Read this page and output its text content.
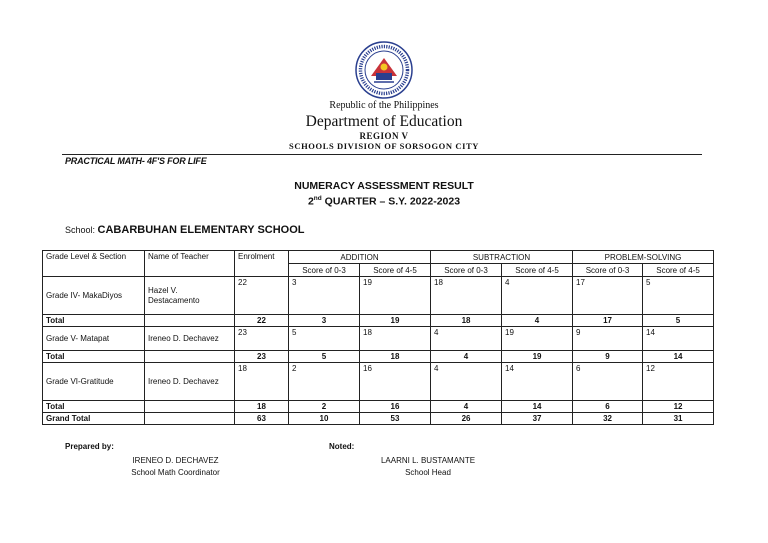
Republic of the Philippines
Department of Education
REGION V
SCHOOLS DIVISION OF SORSOGON CITY
PRACTICAL MATH- 4F'S FOR LIFE
NUMERACY ASSESSMENT RESULT
2nd QUARTER – S.Y. 2022-2023
School: CABARBUHAN ELEMENTARY SCHOOL
Grade Level & Section	Name of Teacher	Enrolment	ADDITION		SUBTRACTION		PROBLEM-SOLVING	
			Score of 0-3	Score of 4-5	Score of 0-3	Score of 4-5	Score of 0-3	Score of 4-5
Grade IV- MakaDiyos	Hazel V. Destacamento	22	3	19	18	4	17	5
Total		22	3	19	18	4	17	5
Grade V- Matapat	Ireneo D. Dechavez	23	5	18	4	19	9	14
Total		23	5	18	4	19	9	14
Grade VI-Gratitude	Ireneo D. Dechavez	18	2	16	4	14	6	12
Total		18	2	16	4	14	6	12
Grand Total		63	10	53	26	37	32	31
Prepared by:	Noted:
IRENEO D. DECHAVEZ
School Math Coordinator
LAARNI L. BUSTAMANTE
School Head
